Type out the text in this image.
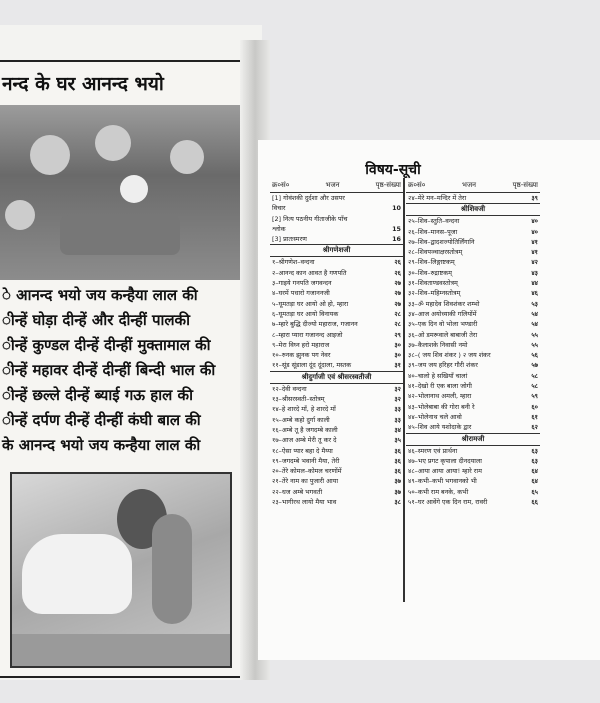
नन्द के घर आनन्द भयो
े आनन्द भयो जय कन्हैया लाल की
ीन्हें घोड़ा दीन्हें और दीन्हीं पालकी
ीन्हें कुण्डल दीन्हें दीन्हीं मुक्तामाल की
ीन्हें महावर दीन्हें दीन्हीं बिन्दी भाल की
ीन्हें छल्ले दीन्हें ब्याई गऊ हाल की
ीन्हें दर्पण दीन्हें दीन्हीं कंघी बाल की
के आनन्द भयो जय कन्हैया लाल की
विषय-सूची
क्र०सं०	भजन	पृष्ठ-संख्या
[1] गोवंशकी दुर्दशा और उसपर
विचार	10
[2] नित्य पठनीय गीताजीके पाँच
श्लोक	15
[3] प्रातःस्मरण	16
श्रीगणेशजी
१–श्रीगणेश–वन्दना	२६
२–आनन्द कान आवत है गणपति	२६
३–गाइये गनपति जगवन्दन	२७
४–घरमें पधारो गजाननजी	२७
५–घूमतड़ा घर आयो ओ हो, म्हारा	२७
६–घूमतड़ा घर आयो विनायक	२८
७–म्हारे बुद्धि दीज्यो महाराज, गजानन	२८
८–म्हारा प्यारा गजानन्द आइजो	२९
९–मेरा विघ्न हरो महाराज	३०
१०–रुनक झुनक पग नेवर	३०
११–सूंड सूंडाला दूंद दूंदाला, मस्तक	३१
श्रीदुर्गाजी एवं श्रीसरस्वतीजी
१२–देवी वन्दना	३२
१३–श्रीसरस्वती–स्तोत्रम्	३२
१४–हे शारदे माँ, हे शारदे माँ	३३
१५–अम्बे कहो दुर्गा काली	३३
१६–अम्बे तू है जगदम्बे काली	३४
१७–आज अम्बे मेरी तू कर दे	३५
१८–ऐसा प्यार बहा दे मैय्या	३६
१९–जगदम्बे भवानी मैया, तेरी	३६
२०–तेरे कोमल–कोमल चरणोंमें	३६
२१–तेरे नाम का पुजारी आया	३७
२२–धज अम्बे भगवती	३७
२३–भागीरथ लायो मैया भाव	३८
क्र०सं०	भजन	पृष्ठ-संख्या
२४–मेरे मन–मन्दिर में तेरा	३९
श्रीशिवजी
२५–शिव–स्तुति–वन्दना	४०
२६–शिव–मानस–पूजा	४०
२७–शिव–द्वादशज्योतिर्लिंगानि	४१
२८–शिवपञ्चाक्षरस्तोत्रम्	४१
२९–शिव–लिङ्गाष्टकम्	४२
३०–शिव–रुद्राष्टकम्	४३
३१–शिवताण्डवस्तोत्रम्	४४
३२–शिव–महिम्नस्तोत्रम्	४६
३३–ॐ महादेव शिवशंकर शम्भो	५३
३४–आज अयोध्याकी गलियोंमें	५४
३५–एक दिन वो भोला भण्डारी	५४
३६–ओ डमरूवाले बाबाजी तेरा	५५
३७–कैलाशके निवासी नमो	५५
३८–( जय शिव शंकर ) २ जय शंकर	५६
३९–जय जय हरिहर गौरी शंकर	५७
४०–चालो हे सखियाँ चालां	५८
४१–देखो री एक बाला जोगी	५८
४२–भोलानाथ अमली, म्हारा	५९
४३–भोलेबाबा की गोरा बनी रे	६०
४४–भोलेनाथ चले आवो	६१
४५–शिव आये यशोदाके द्वार	६२
श्रीरामजी
४६–स्मरण एवं प्रार्थना	६३
४७–भए प्रगट कृपाला दीनदयाला	६३
४८–आया आया आया! म्हारे राम	६४
४९–कभी–कभी भगवानको भी	६४
५०–कभी राम बनके, कभी	६५
५१–घर आवेंगे एक दिन राम, रावरी	६६
